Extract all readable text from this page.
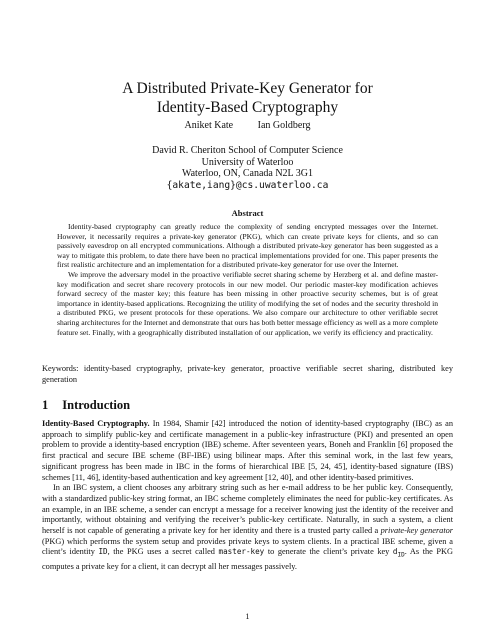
A Distributed Private-Key Generator for
Identity-Based Cryptography
Aniket Kate Ian Goldberg
David R. Cheriton School of Computer Science
University of Waterloo
Waterloo, ON, Canada N2L 3G1
{akate,iang}@cs.uwaterloo.ca
Abstract

Identity-based cryptography can greatly reduce the complexity of sending encrypted messages over the Internet. However, it necessarily requires a private-key generator (PKG), which can create private keys for clients, and so can passively eavesdrop on all encrypted communications. Although a distributed private-key generator has been suggested as a way to mitigate this problem, to date there have been no practical implementations provided for one. This paper presents the first realistic architecture and an implementation for a distributed private-key generator for use over the Internet.

We improve the adversary model in the proactive verifiable secret sharing scheme by Herzberg et al. and define master-key modification and secret share recovery protocols in our new model. Our periodic master-key modification achieves forward secrecy of the master key; this feature has been missing in other proactive security schemes, but is of great importance in identity-based applications. Recognizing the utility of modifying the set of nodes and the security threshold in a distributed PKG, we present protocols for these operations. We also compare our architecture to other verifiable secret sharing architectures for the Internet and demonstrate that ours has both better message efficiency as well as a more complete feature set. Finally, with a geographically distributed installation of our application, we verify its efficiency and practicality.

Keywords: identity-based cryptography, private-key generator, proactive verifiable secret sharing, distributed key generation
1 Introduction

Identity-Based Cryptography. In 1984, Shamir [42] introduced the notion of identity-based cryptography (IBC) as an approach to simplify public-key and certificate management in a public-key infrastructure (PKI) and presented an open problem to provide a identity-based encryption (IBE) scheme. After seventeen years, Boneh and Franklin [6] proposed the first practical and secure IBE scheme (BF-IBE) using bilinear maps. After this seminal work, in the last few years, significant progress has been made in IBC in the forms of hierarchical IBE [5, 24, 45], identity-based signature (IBS) schemes [11, 46], identity-based authentication and key agreement [12, 40], and other identity-based primitives.

In an IBC system, a client chooses any arbitrary string such as her e-mail address to be her public key. Consequently, with a standardized public-key string format, an IBC scheme completely eliminates the need for public-key certificates. As an example, in an IBE scheme, a sender can encrypt a message for a receiver knowing just the identity of the receiver and importantly, without obtaining and verifying the receiver’s public-key certificate. Naturally, in such a system, a client herself is not capable of generating a private key for her identity and there is a trusted party called a private-key generator (PKG) which performs the system setup and provides private keys to system clients. In a practical IBE scheme, given a client’s identity ID, the PKG uses a secret called master-key to generate the client’s private key $d_{ID}$. As the PKG computes a private key for a client, it can decrypt all her messages passively.

1
